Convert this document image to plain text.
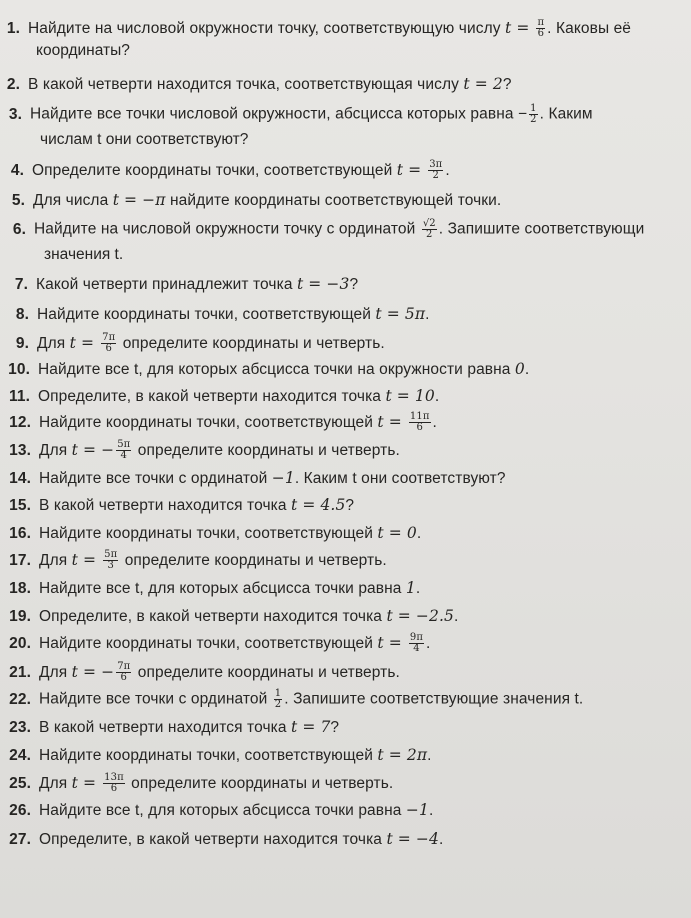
1. Найдите на числовой окружности точку, соответствующую числу $t = \frac{\pi}{6}$ . Каковы её
координаты?
2. В какой четверти находится точка, соответствующая числу t = 2?
3. Найдите все точки числовой окружности, абсцисса которых равна − $\frac{1}{2}$ . Каким
числам t они соответствуют?
4. Определите координаты точки, соответствующей $t = \frac{3\pi}{2}$ .
5. Для числа t = −π найдите координаты соответствующей точки.
6. Найдите на числовой окружности точку с ординатой $\frac{√2}{2}$ . Запишите соответствующи
значения t.
7. Какой четверти принадлежит точка t = −3?
8. Найдите координаты точки, соответствующей t = 5π.
9. Для $t = \frac{7\pi}{6}$ определите координаты и четверть.
10. Найдите все t, для которых абсцисса точки на окружности равна 0.
11. Определите, в какой четверти находится точка t = 10.
12. Найдите координаты точки, соответствующей $t = \frac{11\pi}{6}$ .
13. Для t = − $\frac{5\pi}{4}$ определите координаты и четверть.
14. Найдите все точки с ординатой −1. Каким t они соответствуют?
15. В какой четверти находится точка t = 4.5?
16. Найдите координаты точки, соответствующей t = 0.
17. Для $t = \frac{5\pi}{3}$ определите координаты и четверть.
18. Найдите все t, для которых абсцисса точки равна 1.
19. Определите, в какой четверти находится точка t = −2.5.
20. Найдите координаты точки, соответствующей $t = \frac{9\pi}{4}$ .
21. Для t = − $\frac{7\pi}{6}$ определите координаты и четверть.
22. Найдите все точки с ординатой $\frac{1}{2}$ . Запишите соответствующие значения t.
23. В какой четверти находится точка t = 7?
24. Найдите координаты точки, соответствующей t = 2π.
25. Для $t = \frac{13\pi}{6}$ определите координаты и четверть.
26. Найдите все t, для которых абсцисса точки равна −1.
27. Определите, в какой четверти находится точка t = −4.
